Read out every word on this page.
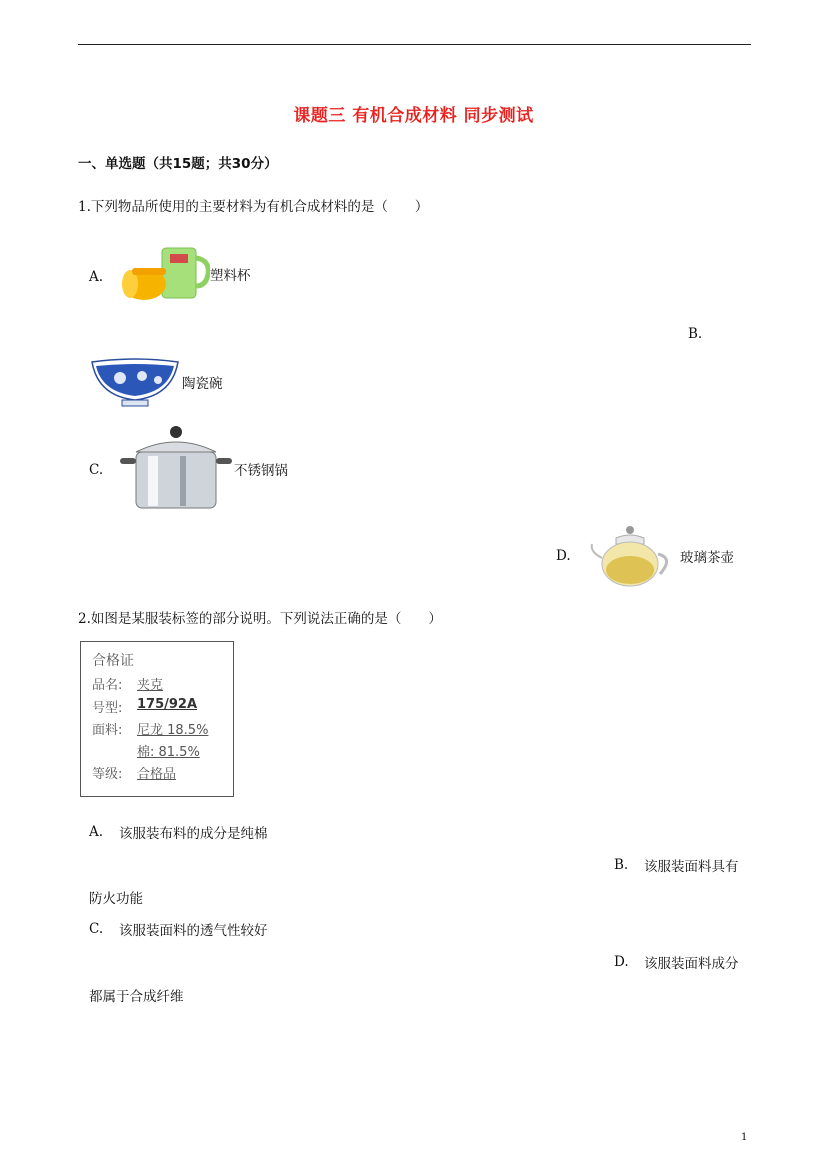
课题三 有机合成材料 同步测试
一、单选题（共15题；共30分）
1.下列物品所使用的主要材料为有机合成材料的是（　　）
A.	塑料杯
B.
陶瓷碗
C.	不锈钢锅
D.	玻璃茶壶
2.如图是某服装标签的部分说明。下列说法正确的是（　　）
合格证
品名: 夹克
号型: 175/92A
面料: 尼龙 18.5%
棉: 81.5%
等级: 合格品
A. 该服装布料的成分是纯棉
B. 该服装面料具有
防火功能
C. 该服装面料的透气性较好
D. 该服装面料成分
都属于合成纤维
1
